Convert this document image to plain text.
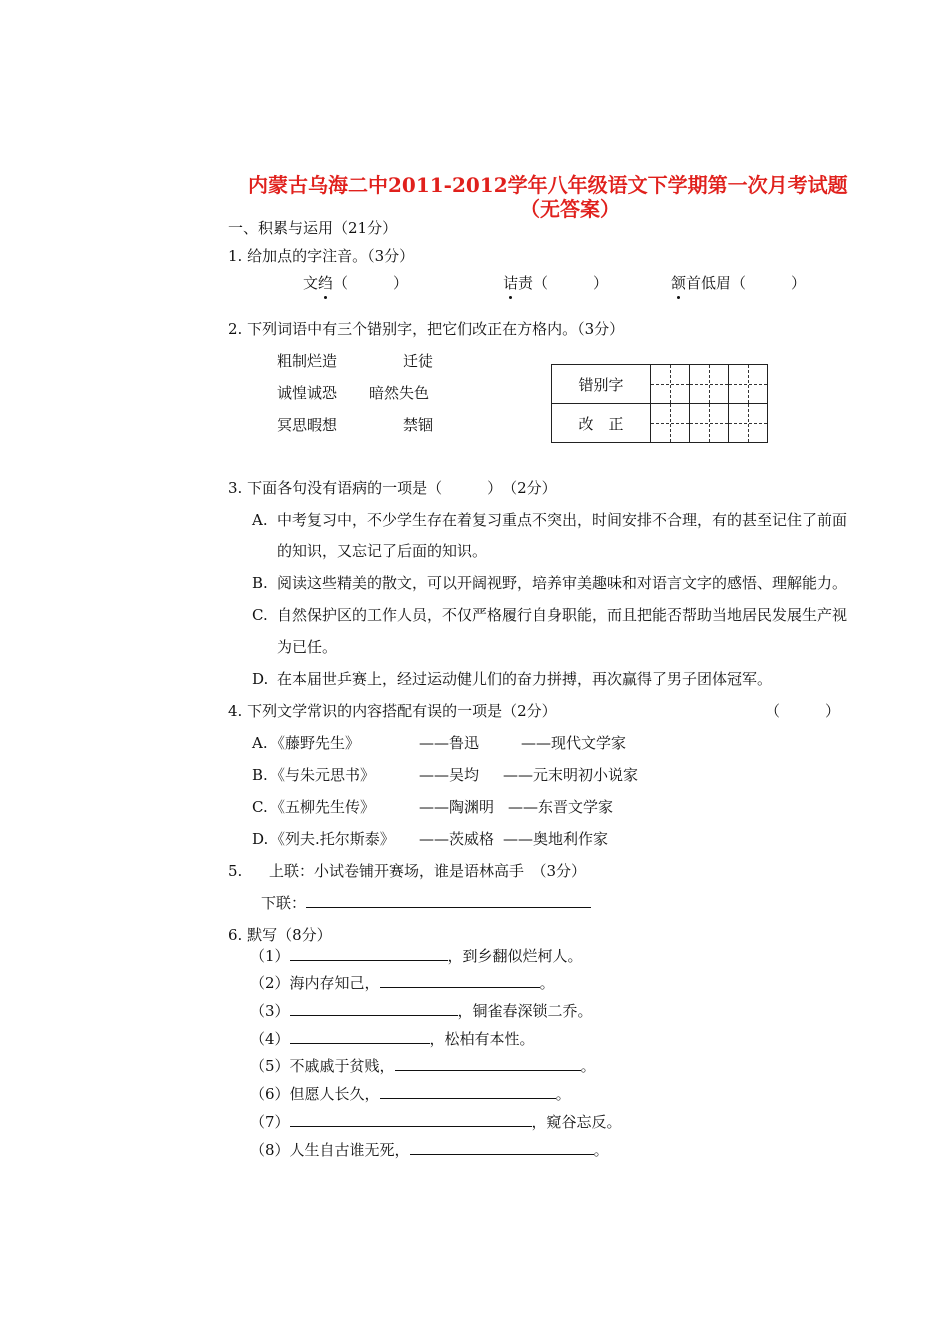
内蒙古乌海二中2011-2012学年八年级语文下学期第一次月考试题
（无答案）
一、积累与运用（21分）
1. 给加点的字注音。（3分）
文绉（　　　）	诘责（　　　）	颔首低眉（　　　）
2. 下列词语中有三个错别字，把它们改正在方格内。（3分）
粗制烂造	迁徒
诚惶诚恐 暗然失色
冥思暇想	禁锢
错别字			
改　正			
3. 下面各句没有语病的一项是（　　　）　（2分）
A. 中考复习中，不少学生存在着复习重点不突出，时间安排不合理，有的甚至记住了前面
的知识，又忘记了后面的知识。
B. 阅读这些精美的散文，可以开阔视野，培养审美趣味和对语言文字的感悟、理解能力。
C. 自然保护区的工作人员，不仅严格履行自身职能，而且把能否帮助当地居民发展生产视
为已任。
D. 在本届世乒赛上，经过运动健儿们的奋力拼搏，再次赢得了男子团体冠军。
4. 下列文学常识的内容搭配有误的一项是（2分）	（　　　）
A. 《藤野先生》	——鲁迅	——现代文学家
B. 《与朱元思书》	——吴均 ——元末明初小说家
C. 《五柳先生传》	——陶渊明 ——东晋文学家
D. 《列夫.托尔斯泰》 ——茨威格 ——奥地利作家
5. 上联：小试卷铺开赛场，谁是语林高手　（3分）
下联：
6. 默写（8分）
（1）	，到乡翻似烂柯人。
（2）海内存知己，	。
（3）	，铜雀春深锁二乔。
（4）	，松柏有本性。
（5）不戚戚于贫贱，	。
（6）但愿人长久，	。
（7）	，窥谷忘反。
（8）人生自古谁无死，	。
